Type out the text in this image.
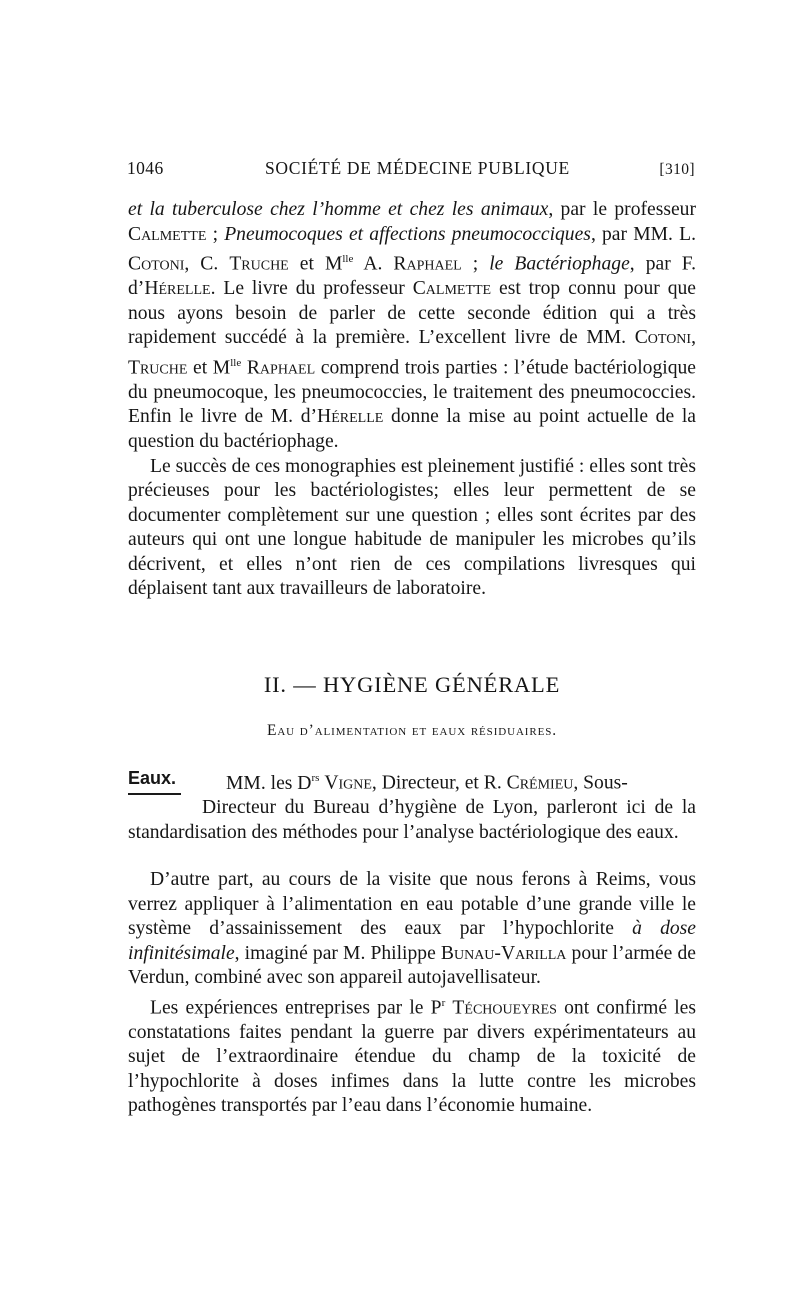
1046	SOCIÉTÉ DE MÉDECINE PUBLIQUE	[310]

et la tuberculose chez l’homme et chez les animaux, par le professeur Calmette ; Pneumocoques et affections pneumococciques, par MM. L. Cotoni, C. Truche et $M^{lle}$ A. Raphael ; le Bactériophage, par F. d’Hérelle. Le livre du professeur Calmette est trop connu pour que nous ayons besoin de parler de cette seconde édition qui a très rapidement succédé à la première. L’excellent livre de MM. Cotoni, Truche et $M^{lle}$ Raphael comprend trois parties : l’étude bactériologique du pneumocoque, les pneumococcies, le traitement des pneumococcies. Enfin le livre de M. d’Hérelle donne la mise au point actuelle de la question du bactériophage.

Le succès de ces monographies est pleinement justifié : elles sont très précieuses pour les bactériologistes; elles leur permettent de se documenter complètement sur une question ; elles sont écrites par des auteurs qui ont une longue habitude de manipuler les microbes qu’ils décrivent, et elles n’ont rien de ces compilations livresques qui déplaisent tant aux travailleurs de laboratoire.

II. — HYGIÈNE GÉNÉRALE
Eau d’alimentation et eaux résiduaires.
Eaux.	MM. les $D^{rs}$ Vigne, Directeur, et R. Crémieu, Sous-
Directeur du Bureau d’hygiène de Lyon, parleront ici de la standardisation des méthodes pour l’analyse bactériologique des eaux.

D’autre part, au cours de la visite que nous ferons à Reims, vous verrez appliquer à l’alimentation en eau potable d’une grande ville le système d’assainissement des eaux par l’hypochlorite à dose infinitésimale, imaginé par M. Philippe Bunau-Varilla pour l’armée de Verdun, combiné avec son appareil autojavellisateur.

Les expériences entreprises par le $P^r$ Téchoueyres ont confirmé les constatations faites pendant la guerre par divers expérimentateurs au sujet de l’extraordinaire étendue du champ de la toxicité de l’hypochlorite à doses infimes dans la lutte contre les microbes pathogènes transportés par l’eau dans l’économie humaine.
